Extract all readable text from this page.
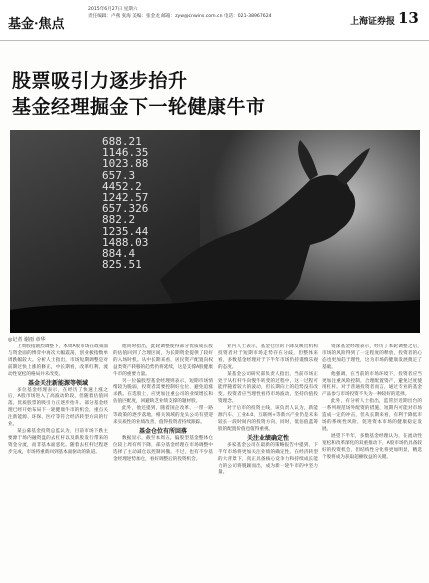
基金·焦点
2015年6月27日 星期六
责任编辑：卢燕 张海 美编：张金龙 邮箱：zyw@cnwins.com.cn 电话：021-38967624
上海证券报 13
股票吸引力逐步抬升
基金经理掘金下一轮健康牛市
688.21
1146.35
1023.88
657.3
4452.2
1242.57
657.326
882.2
1235.44
1488.03
884.4
825.51
◎记者 谢雨 章华

上周股指剧烈调整下，本周A股市场在政策面与资金面的博弈中再次大幅震荡，创业板指数单周跌幅较大。分析人士指出，市场短期调整是对前期过快上涨的修正，中长期看，改革红利、流动性宽松的格局并未改变。

基金关注新能源等领域

多位基金经理表示，在经历了快速上涨之后，A股市场进入了高波动阶段，但随着估值回落，优质股票的吸引力正逐步抬升。部分基金经理已经开始布局下一轮健康牛市的机会，重点关注新能源、环保、医疗等符合经济转型方向的行业。

某公募基金投资总监认为，目前市场下跌主要源于场内融资盘的去杠杆以及新股发行带来的资金分流，而非基本面恶化。随着去杠杆过程逐步完成，市场将重新回到基本面驱动的轨道。

他同时指出，此轮调整使得部分优质成长股的估值回到了合理区间，为长期资金提供了较好的入场时机。从中长期来看，居民资产配置向权益类资产转移的趋势仍将延续，这是支撑A股健康牛市的重要力量。

另一位偏股型基金经理则表示，短期市场情绪较为脆弱，投资者需要控制好仓位，避免追涨杀跌。在选股上，应更加注重公司的业绩增长和估值匹配度，回避缺乏业绩支撑的题材股。

此外，他还提到，随着国企改革、一带一路等政策的逐步落地，相关领域的龙头公司有望迎来实质性的业绩改善，值得投资者持续跟踪。

基金仓位有所回落

数据显示，截至本周五，偏股型基金整体仓位较上周有所下降，部分基金经理在市场调整中选择了主动减仓以控制回撤。不过，也有不少基金经理逆势加仓，看好调整后的投资机会。

业内人士表示，基金仓位的下降反映出机构投资者对于短期市场走势存在分歧，但整体来看，多数基金经理对于下半年市场仍持谨慎乐观的态度。

某基金公司研究部负责人指出，当前市场正处于从杠杆牛向慢牛转变的过程中，这一过程可能伴随着较大的波动，但长期向上的趋势没有改变。投资者应当理性看待市场波动，坚持价值投资理念。

对于后市的投资主线，该负责人认为，新能源汽车、工业4.0、互联网+等新兴产业仍是未来较长一段时间内的投资方向，同时，低估值蓝筹股的配置价值也值得重视。

关注业绩确定性

多家基金公司在最新的策略报告中提到，下半年市场将更加关注业绩的确定性。在经济转型的大背景下，真正具备核心竞争力和持续成长能力的公司将脱颖而出，成为新一轮牛市的中坚力量。

资深基金经理表示，经历了本轮调整之后，市场的风险得到了一定程度的释放，投资者的心态也更加趋于理性，这为市场的健康发展奠定了基础。

他强调，在当前的市场环境下，投资者应当更加注重风险控制，合理配置资产，避免过度使用杠杆。对于普通投资者而言，通过专业的基金产品参与市场投资不失为一种较好的选择。

此外，有分析人士指出，监管层近期出台的一系列规范场外配资的措施，短期内可能对市场造成一定的冲击，但从长期来看，有利于降低市场的系统性风险，促进资本市场的健康稳定发展。

展望下半年，多数基金经理认为，在流动性宽松和改革深化的双重推动下，A股市场仍具备较好的投资机会，但结构性分化将更加明显，精选个股将成为获取超额收益的关键。
